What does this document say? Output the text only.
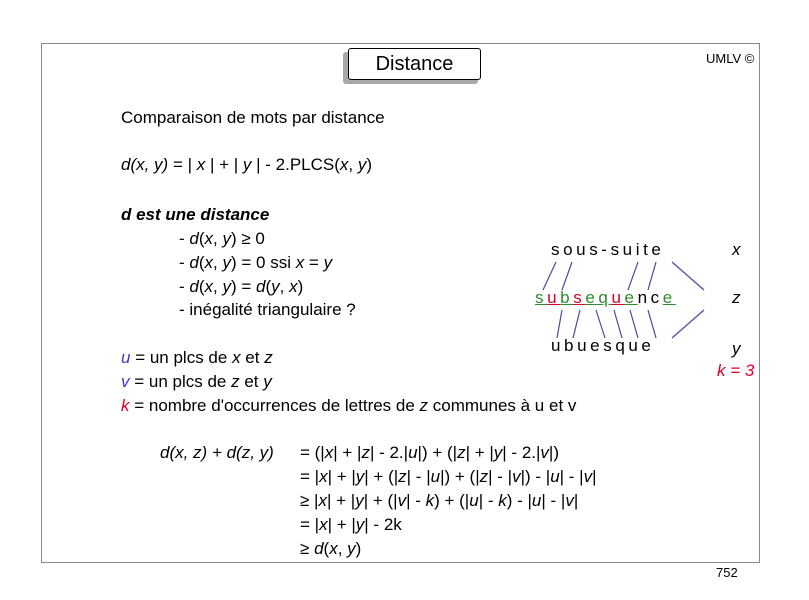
Distance	UMLV ©
Comparaison de mots par distance
d(x, y) = | x | + | y | - 2.PLCS(x, y)
d est une distance
- d(x, y) ≥ 0
- d(x, y) = 0 ssi x = y
- d(x, y) = d(y, x)
- inégalité triangulaire ?
sous-suite
subsequence
ubuesque
x
z
y
k = 3
u = un plcs de x et z
v = un plcs de z et y
k = nombre d'occurrences de lettres de z communes à u et v
d(x, z) + d(z, y) = (|x| + |z| - 2.|u|) + (|z| + |y| - 2.|v|)
= |x| + |y| + (|z| - |u|) + (|z| - |v|) - |u| - |v|
≥ |x| + |y| + (|v| - k) + (|u| - k) - |u| - |v|
= |x| + |y| - 2k
≥ d(x, y)
752
